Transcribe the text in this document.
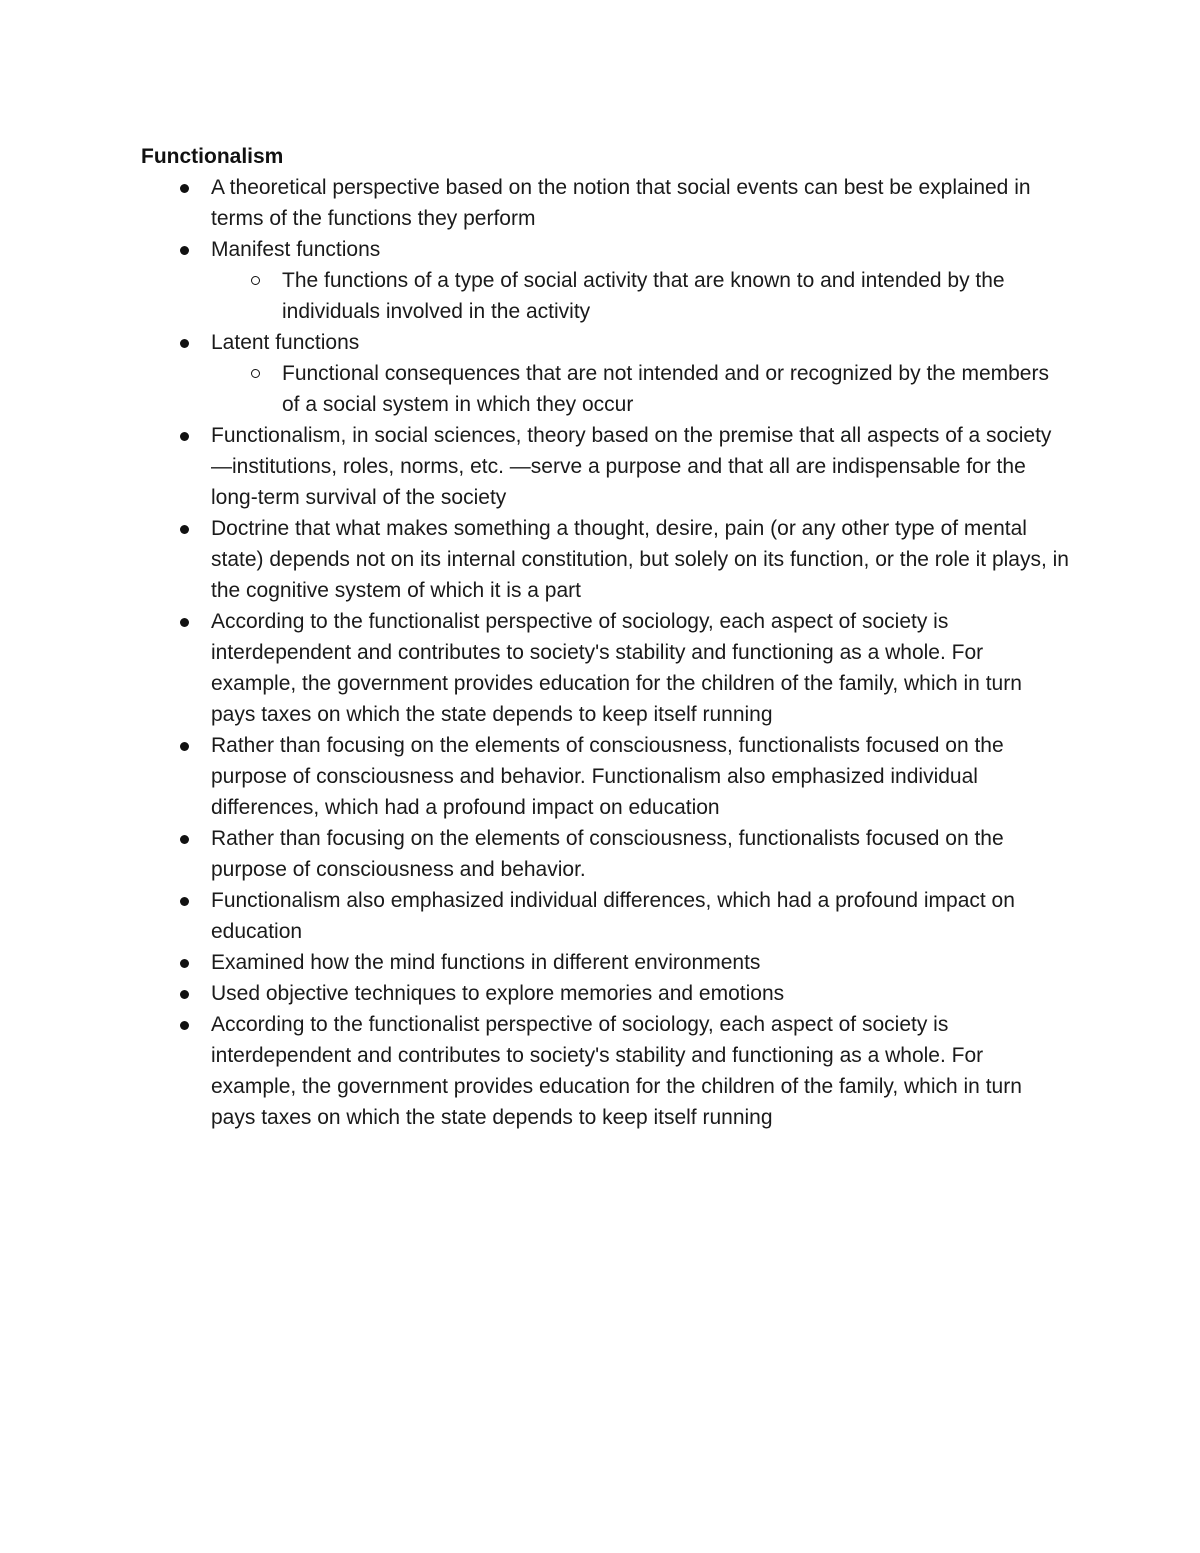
Functionalism
A theoretical perspective based on the notion that social events can best be explained in terms of the functions they perform
Manifest functions
The functions of a type of social activity that are known to and intended by the individuals involved in the activity
Latent functions
Functional consequences that are not intended and or recognized by the members of a social system in which they occur
Functionalism, in social sciences, theory based on the premise that all aspects of a society—institutions, roles, norms, etc. —serve a purpose and that all are indispensable for the long-term survival of the society
Doctrine that what makes something a thought, desire, pain (or any other type of mental state) depends not on its internal constitution, but solely on its function, or the role it plays, in the cognitive system of which it is a part
According to the functionalist perspective of sociology, each aspect of society is interdependent and contributes to society's stability and functioning as a whole. For example, the government provides education for the children of the family, which in turn pays taxes on which the state depends to keep itself running
Rather than focusing on the elements of consciousness, functionalists focused on the purpose of consciousness and behavior. Functionalism also emphasized individual differences, which had a profound impact on education
Rather than focusing on the elements of consciousness, functionalists focused on the purpose of consciousness and behavior.
Functionalism also emphasized individual differences, which had a profound impact on education
Examined how the mind functions in different environments
Used objective techniques to explore memories and emotions
According to the functionalist perspective of sociology, each aspect of society is interdependent and contributes to society's stability and functioning as a whole. For example, the government provides education for the children of the family, which in turn pays taxes on which the state depends to keep itself running
